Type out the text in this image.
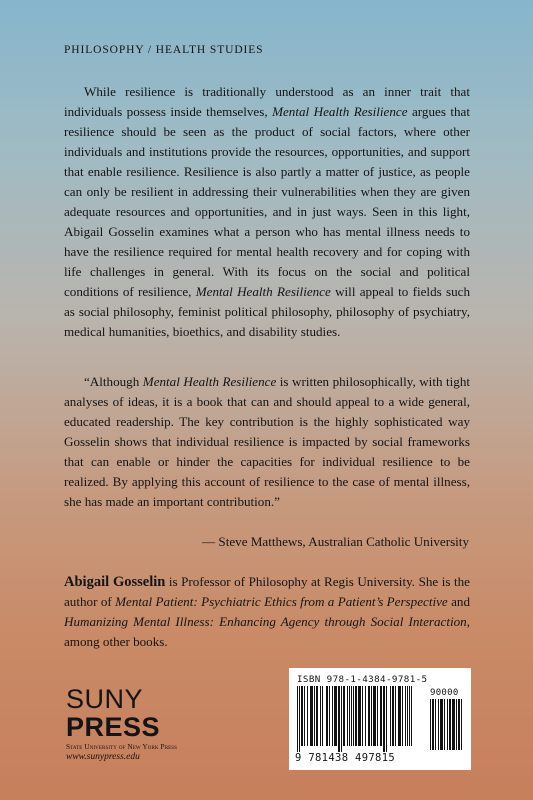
PHILOSOPHY / HEALTH STUDIES

While resilience is traditionally understood as an inner trait that individuals possess inside themselves, Mental Health Resilience argues that resilience should be seen as the product of social factors, where other individuals and institutions provide the resources, opportunities, and support that enable resilience. Resilience is also partly a matter of justice, as people can only be resilient in addressing their vulnerabilities when they are given adequate resources and opportunities, and in just ways. Seen in this light, Abigail Gosselin examines what a person who has mental illness needs to have the resilience required for mental health recovery and for coping with life challenges in general. With its focus on the social and political conditions of resilience, Mental Health Resilience will appeal to fields such as social philosophy, feminist political philosophy, philosophy of psychiatry, medical humanities, bioethics, and disability studies.

“Although Mental Health Resilience is written philosophically, with tight analyses of ideas, it is a book that can and should appeal to a wide general, educated readership. The key contribution is the highly sophisticated way Gosselin shows that individual resilience is impacted by social frameworks that can enable or hinder the capacities for individual resilience to be realized. By applying this account of resilience to the case of mental illness, she has made an important contribution.”

— Steve Matthews, Australian Catholic University

Abigail Gosselin is Professor of Philosophy at Regis University. She is the author of Mental Patient: Psychiatric Ethics from a Patient’s Perspective and Humanizing Mental Illness: Enhancing Agency through Social Interaction, among other books.

SUNY
PRESS
State University of New York Press
www.sunypress.edu
ISBN 978-1-4384-9781-5
90000
9 781438 497815
